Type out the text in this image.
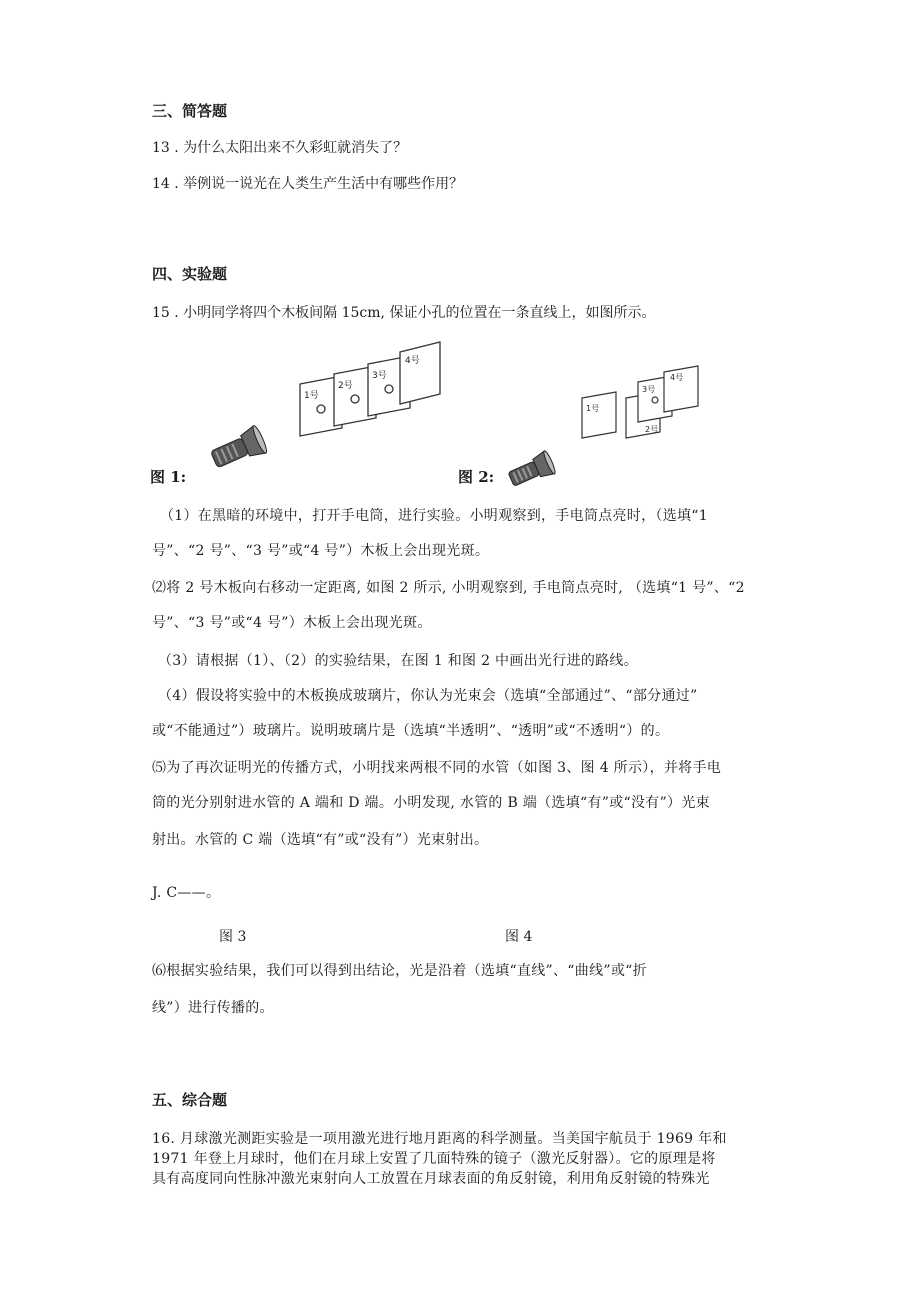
三、简答题
13 . 为什么太阳出来不久彩虹就消失了？
14 . 举例说一说光在人类生产生活中有哪些作用？
四、实验题
15 . 小明同学将四个木板间隔 15cm, 保证小孔的位置在一条直线上，如图所示。
图 1:
1号
2号
3号
4号
图 2:
1号
2号
3号
4号
（1）在黑暗的环境中，打开手电筒，进行实验。小明观察到，手电筒点亮时，（选填“1
号”、“2 号”、“3 号”或“4 号”）木板上会出现光斑。
⑵将 2 号木板向右移动一定距离, 如图 2 所示, 小明观察到, 手电筒点亮时, （选填“1 号”、“2
号”、“3 号”或“4 号”）木板上会出现光斑。
（3）请根据（1）、（2）的实验结果，在图 1 和图 2 中画出光行进的路线。
（4）假设将实验中的木板换成玻璃片，你认为光束会（选填“全部通过”、“部分通过”
或“不能通过”）玻璃片。说明玻璃片是（选填“半透明”、“透明”或“不透明“）的。
⑸为了再次证明光的传播方式，小明找来两根不同的水管（如图 3、图 4 所示），并将手电
筒的光分别射进水管的 A 端和 D 端。小明发现, 水管的 B 端（选填“有”或“没有”）光束
射出。水管的 C 端（选填“有”或“没有”）光束射出。
J. C——。
图 3	图 4
⑹根据实验结果，我们可以得到出结论，光是沿着（选填“直线”、“曲线”或“折
线”）进行传播的。
五、综合题
16. 月球激光测距实验是一项用激光进行地月距离的科学测量。当美国宇航员于 1969 年和
1971 年登上月球时，他们在月球上安置了几面特殊的镜子（激光反射器）。它的原理是将
具有高度同向性脉冲激光束射向人工放置在月球表面的角反射镜，利用角反射镜的特殊光
